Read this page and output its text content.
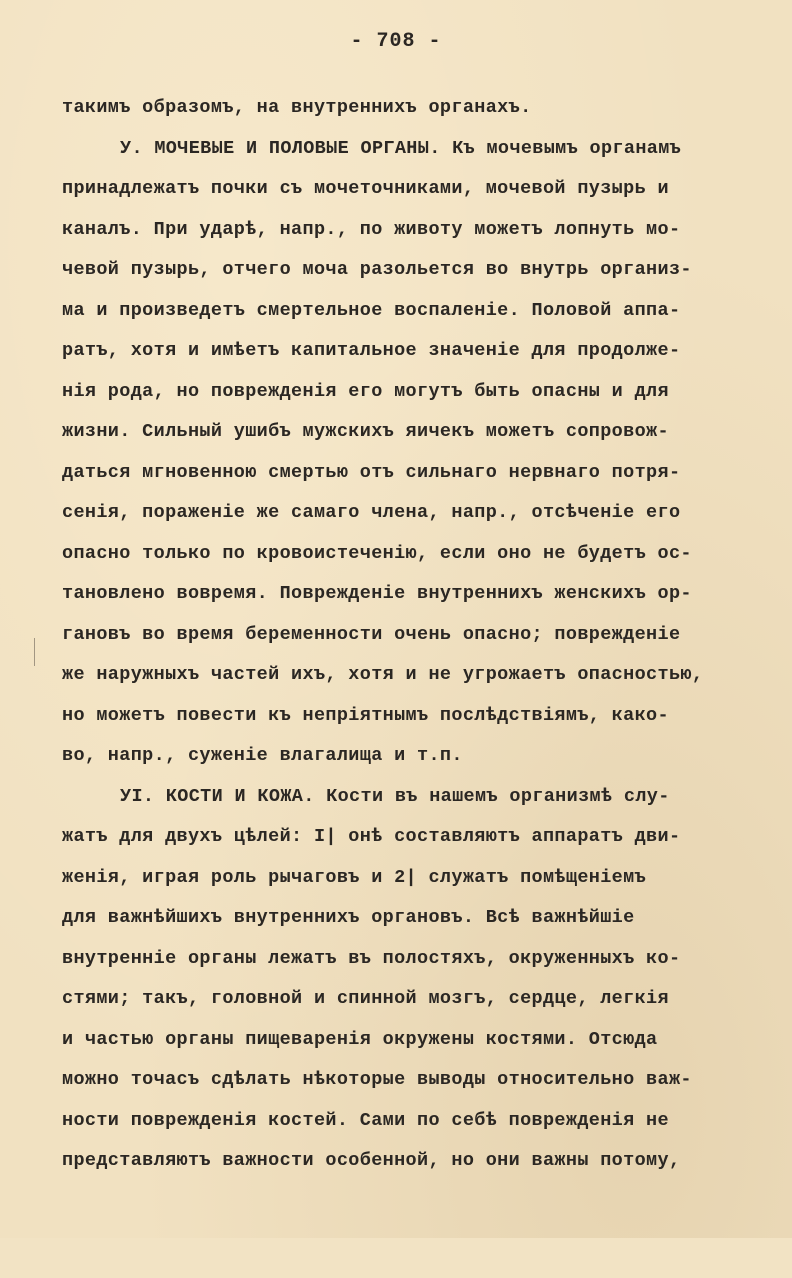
- 708 -
такимъ образомъ, на внутреннихъ органахъ.
У. МОЧЕВЫЕ И ПОЛОВЫЕ ОРГАНЫ. Къ мочевымъ органамъ
принадлежатъ почки съ мочеточниками, мочевой пузырь и
каналъ. При ударѣ, напр., по животу можетъ лопнуть мо-
чевой пузырь, отчего моча разольется во внутрь организ-
ма и произведетъ смертельное воспаленіе. Половой аппа-
ратъ, хотя и имѣетъ капитальное значеніе для продолже-
нія рода, но поврежденія его могутъ быть опасны и для
жизни. Сильный ушибъ мужскихъ яичекъ можетъ сопровож-
даться мгновенною смертью отъ сильнаго нервнаго потря-
сенія, пораженіе же самаго члена, напр., отсѣченіе его
опасно только по кровоистеченію, если оно не будетъ ос-
тановлено вовремя. Поврежденіе внутреннихъ женскихъ ор-
гановъ во время беременности очень опасно; поврежденіе
же наружныхъ частей ихъ, хотя и не угрожаетъ опасностью,
но можетъ повести къ непріятнымъ послѣдствіямъ, како-
во, напр., суженіе влагалища и т.п.
УI. КОСТИ И КОЖА. Кости въ нашемъ организмѣ слу-
жатъ для двухъ цѣлей: I| онѣ составляютъ аппаратъ дви-
женія, играя роль рычаговъ и 2| служатъ помѣщеніемъ
для важнѣйшихъ внутреннихъ органовъ. Всѣ важнѣйшіе
внутренніе органы лежатъ въ полостяхъ, окруженныхъ ко-
стями; такъ, головной и спинной мозгъ, сердце, легкія
и частью органы пищеваренія окружены костями. Отсюда
можно точасъ сдѣлать нѣкоторые выводы относительно важ-
ности поврежденія костей. Сами по себѣ поврежденія не
представляютъ важности особенной, но они важны потому,
